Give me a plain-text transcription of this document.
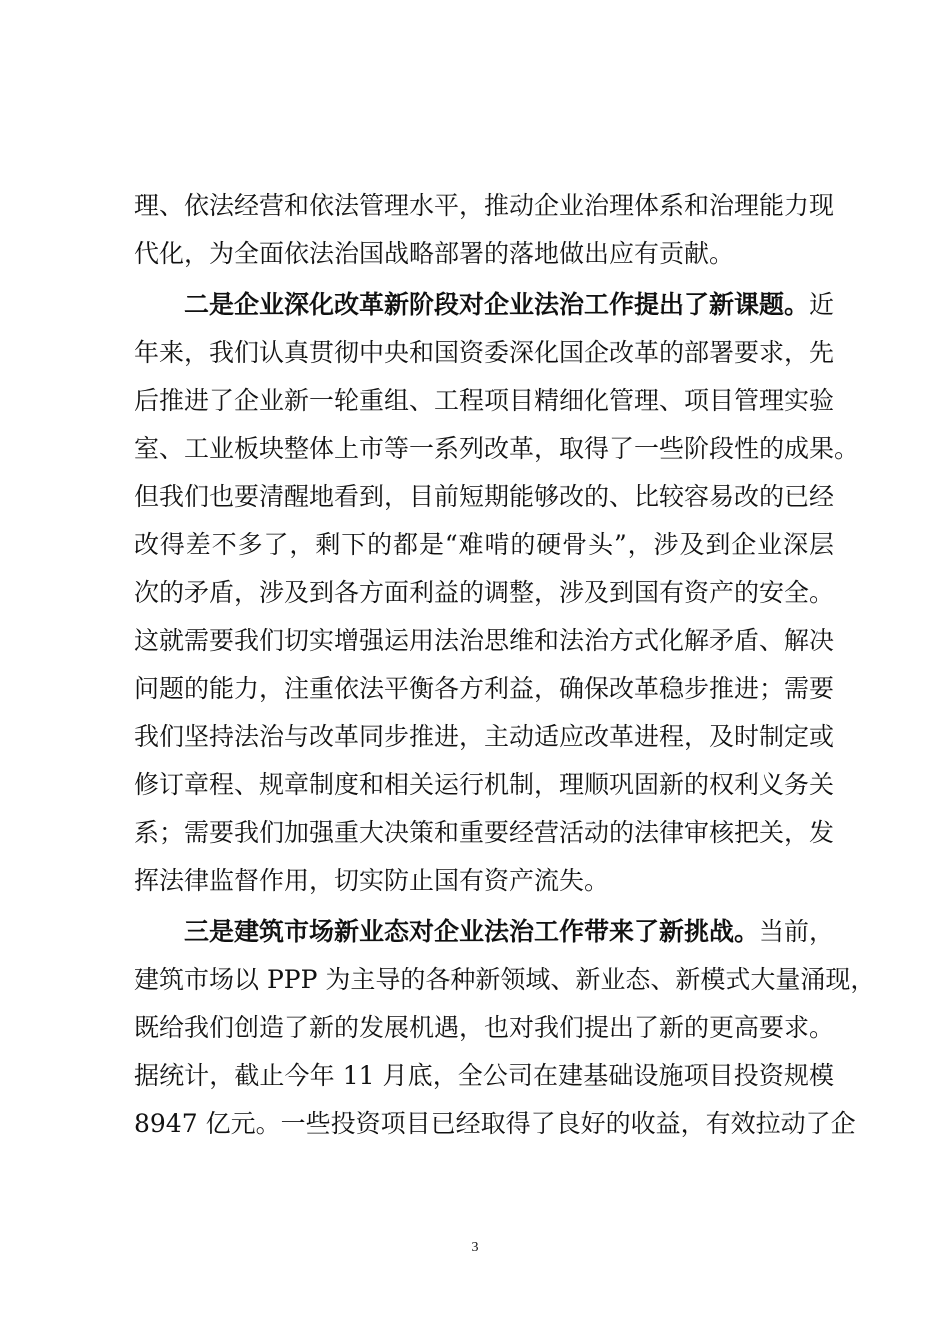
理、依法经营和依法管理水平，推动企业治理体系和治理能力现
代化，为全面依法治国战略部署的落地做出应有贡献。
二是企业深化改革新阶段对企业法治工作提出了新课题。近
年来，我们认真贯彻中央和国资委深化国企改革的部署要求，先
后推进了企业新一轮重组、工程项目精细化管理、项目管理实验
室、工业板块整体上市等一系列改革，取得了一些阶段性的成果。
但我们也要清醒地看到，目前短期能够改的、比较容易改的已经
改得差不多了，剩下的都是“难啃的硬骨头”，涉及到企业深层
次的矛盾，涉及到各方面利益的调整，涉及到国有资产的安全。
这就需要我们切实增强运用法治思维和法治方式化解矛盾、解决
问题的能力，注重依法平衡各方利益，确保改革稳步推进；需要
我们坚持法治与改革同步推进，主动适应改革进程，及时制定或
修订章程、规章制度和相关运行机制，理顺巩固新的权利义务关
系；需要我们加强重大决策和重要经营活动的法律审核把关，发
挥法律监督作用，切实防止国有资产流失。
三是建筑市场新业态对企业法治工作带来了新挑战。当前，
建筑市场以 PPP 为主导的各种新领域、新业态、新模式大量涌现，
既给我们创造了新的发展机遇，也对我们提出了新的更高要求。
据统计，截止今年 11 月底，全公司在建基础设施项目投资规模
8947 亿元。一些投资项目已经取得了良好的收益，有效拉动了企
3
